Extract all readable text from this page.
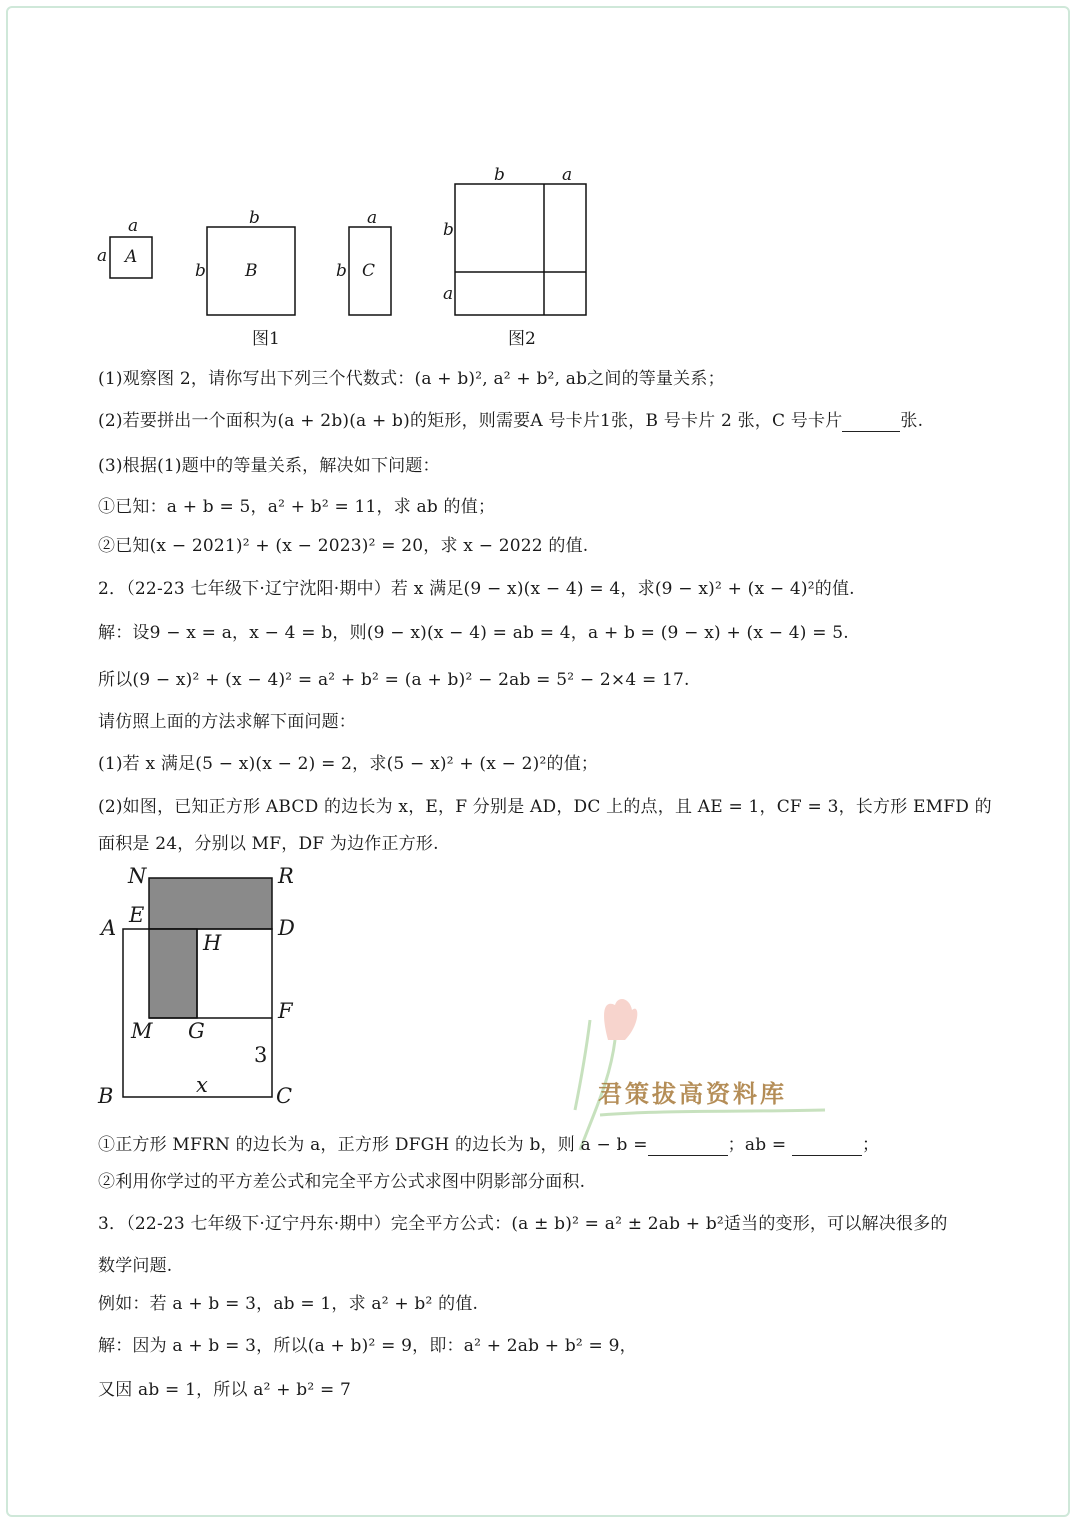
a
a A
b
b B
a
b C
图1
b	a
b
a
图2
(1)观察图 2，请你写出下列三个代数式：(a + b)², a² + b², ab之间的等量关系；
(2)若要拼出一个面积为(a + 2b)(a + b)的矩形，则需要A 号卡片1张，B 号卡片 2 张，C 号卡片	张.
(3)根据(1)题中的等量关系，解决如下问题：
①已知：a + b = 5，a² + b² = 11，求 ab 的值；
②已知(x − 2021)² + (x − 2023)² = 20，求 x − 2022 的值.
2．（22-23 七年级下·辽宁沈阳·期中）若 x 满足(9 − x)(x − 4) = 4，求(9 − x)² + (x − 4)²的值.
解：设9 − x = a，x − 4 = b，则(9 − x)(x − 4) = ab = 4，a + b = (9 − x) + (x − 4) = 5.
所以(9 − x)² + (x − 4)² = a² + b² = (a + b)² − 2ab = 5² − 2×4 = 17.
请仿照上面的方法求解下面问题：
(1)若 x 满足(5 − x)(x − 2) = 2，求(5 − x)² + (x − 2)²的值；
(2)如图，已知正方形 ABCD 的边长为 x，E，F 分别是 AD，DC 上的点，且 AE = 1，CF = 3，长方形 EMFD 的
面积是 24，分别以 MF，DF 为边作正方形.
N	R
E
A	D
H
F
M G
3
x
B	C	君策拔高资料库
①正方形 MFRN 的边长为 a，正方形 DFGH 的边长为 b，则 a − b =	；ab =	；
②利用你学过的平方差公式和完全平方公式求图中阴影部分面积.
3．（22-23 七年级下·辽宁丹东·期中）完全平方公式：(a ± b)² = a² ± 2ab + b²适当的变形，可以解决很多的
数学问题.
例如：若 a + b = 3，ab = 1，求 a² + b² 的值.
解：因为 a + b = 3，所以(a + b)² = 9，即：a² + 2ab + b² = 9，
又因 ab = 1，所以 a² + b² = 7
